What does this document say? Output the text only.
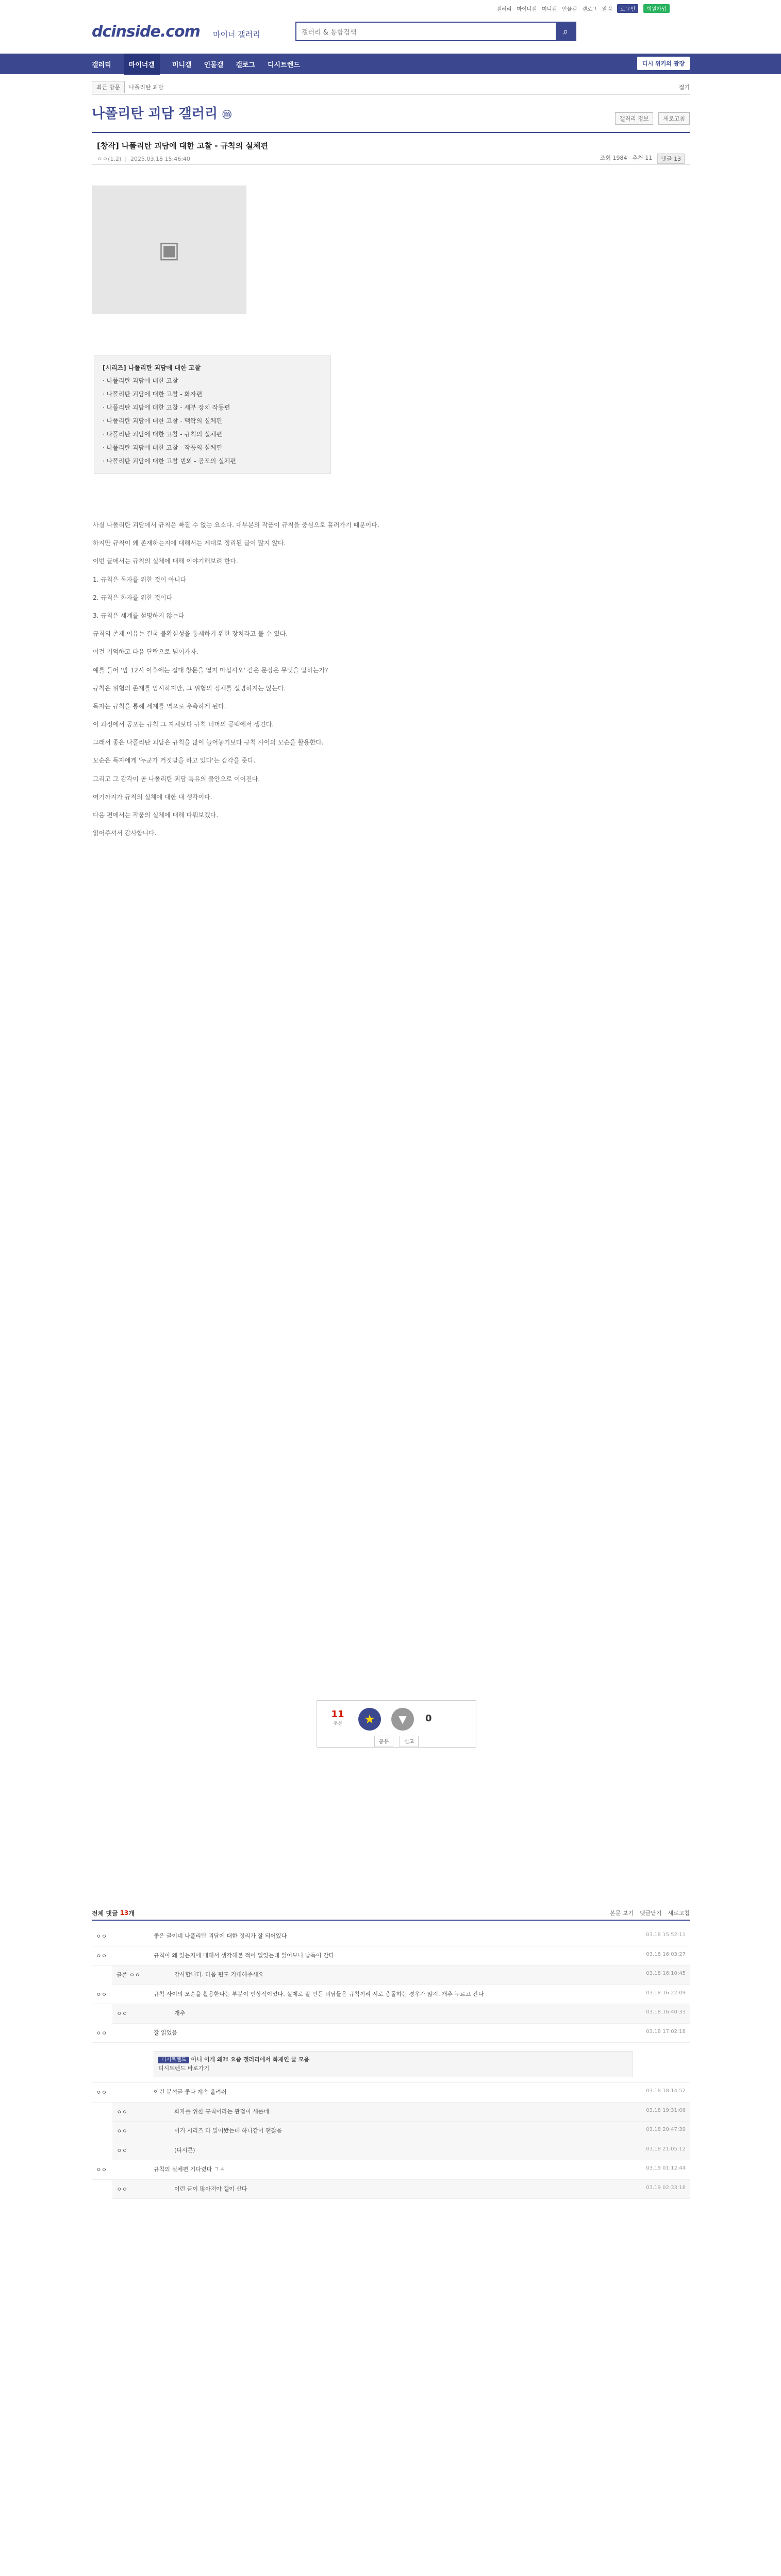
갤러리 마이너갤 미니갤 인물갤 갤로그 알림	로그인	회원가입
dcinside.com 마이너 갤러리	갤러리 & 통합검색	⌕
갤러리	마이너갤	미니갤 인물갤 갤로그 디시트렌드	디시 위키의 광장
최근 방문	나폴리탄 괴담	접기
나폴리탄 괴담 갤러리 ⓜ	갤러리 정보	새로고침
[창작] 나폴리탄 괴담에 대한 고찰 - 규칙의 실체편
ㅇㅇ(1.2)  |  2025.03.18 15:46:40	조회 1984 추천 11	댓글 13
▣
[시리즈] 나폴리탄 괴담에 대한 고찰
· 나폴리탄 괴담에 대한 고찰
· 나폴리탄 괴담에 대한 고찰 - 화자편
· 나폴리탄 괴담에 대한 고찰 - 세부 장치 작동편
· 나폴리탄 괴담에 대한 고찰 - 맥락의 실체편
· 나폴리탄 괴담에 대한 고찰 - 규칙의 실체편
· 나폴리탄 괴담에 대한 고찰 - 작품의 실체편
· 나폴리탄 괴담에 대한 고찰 번외 - 공포의 실체편

사실 나폴리탄 괴담에서 규칙은 빠질 수 없는 요소다. 대부분의 작품이 규칙을 중심으로 흘러가기 때문이다.

하지만 규칙이 왜 존재하는지에 대해서는 제대로 정리된 글이 많지 않다.

이번 글에서는 규칙의 실체에 대해 이야기해보려 한다.

1. 규칙은 독자를 위한 것이 아니다

2. 규칙은 화자를 위한 것이다

3. 규칙은 세계를 설명하지 않는다

규칙의 존재 이유는 결국 불확실성을 통제하기 위한 장치라고 볼 수 있다.

이걸 기억하고 다음 단락으로 넘어가자.

예를 들어 '밤 12시 이후에는 절대 창문을 열지 마십시오' 같은 문장은 무엇을 말하는가?

규칙은 위험의 존재를 암시하지만, 그 위험의 정체를 설명하지는 않는다.

독자는 규칙을 통해 세계를 역으로 추측하게 된다.

이 과정에서 공포는 규칙 그 자체보다 규칙 너머의 공백에서 생긴다.

그래서 좋은 나폴리탄 괴담은 규칙을 많이 늘어놓기보다 규칙 사이의 모순을 활용한다.

모순은 독자에게 '누군가 거짓말을 하고 있다'는 감각을 준다.

그리고 그 감각이 곧 나폴리탄 괴담 특유의 불안으로 이어진다.

여기까지가 규칙의 실체에 대한 내 생각이다.

다음 편에서는 작품의 실체에 대해 다뤄보겠다.

읽어주셔서 감사합니다.

11
추천	★ ▼ 0
공유	신고
전체 댓글 13 개	본문 보기 댓글닫기 새로고침
ㅇㅇ	좋은 글이네 나폴리탄 괴담에 대한 정리가 잘 되어있다	03.18 15:52:11
ㅇㅇ	규칙이 왜 있는지에 대해서 생각해본 적이 없었는데 읽어보니 납득이 간다	03.18 16:03:27
글쓴 ㅇㅇ	감사합니다. 다음 편도 기대해주세요	03.18 16:10:45
ㅇㅇ	규칙 사이의 모순을 활용한다는 부분이 인상적이었다. 실제로 잘 만든 괴담들은 규칙끼리 서로 충돌하는 경우가 많지. 개추 누르고 간다	03.18 16:22:09
ㅇㅇ	개추	03.18 16:40:33
ㅇㅇ	잘 읽었음	03.18 17:02:18
디시트렌드 아니 이게 왜?! 요즘 갤러리에서 화제인 글 모음
디시트렌드 바로가기
ㅇㅇ	이런 분석글 좋다 계속 올려줘	03.18 18:14:52
ㅇㅇ	화자를 위한 규칙이라는 관점이 새롭네	03.18 19:31:06
ㅇㅇ	이거 시리즈 다 읽어봤는데 하나같이 괜찮음	03.18 20:47:39
ㅇㅇ	(디시콘)	03.18 21:05:12
ㅇㅇ	규칙의 실체편 기다렸다 ㄱㅅ	03.19 01:12:44
ㅇㅇ	이런 글이 많아져야 갤이 산다	03.19 02:33:18
